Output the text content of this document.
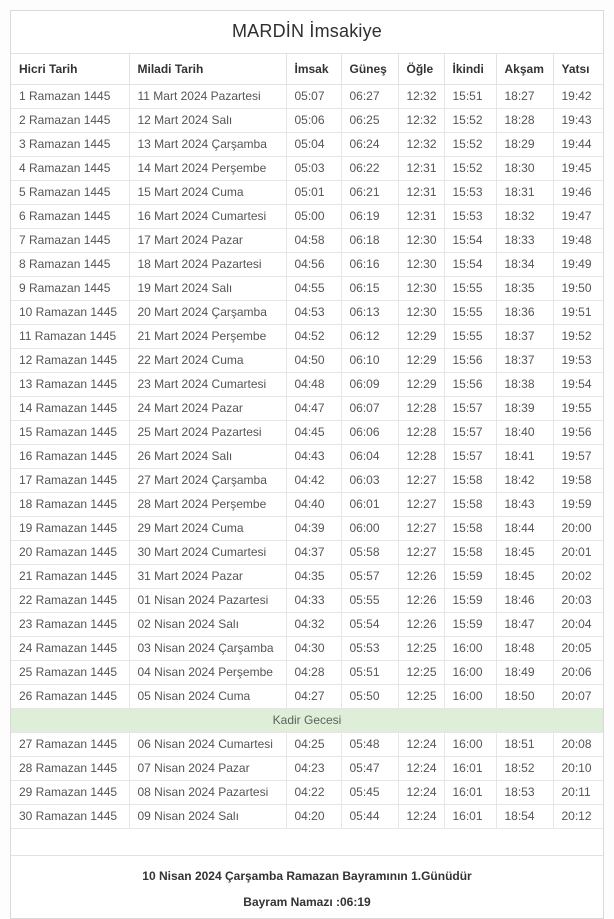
MARDİN İmsakiye
Hicri Tarih	Miladi Tarih	İmsak	Güneş	Öğle	İkindi	Akşam	Yatsı
1 Ramazan 1445	11 Mart 2024 Pazartesi	05:07	06:27	12:32	15:51	18:27	19:42
2 Ramazan 1445	12 Mart 2024 Salı	05:06	06:25	12:32	15:52	18:28	19:43
3 Ramazan 1445	13 Mart 2024 Çarşamba	05:04	06:24	12:32	15:52	18:29	19:44
4 Ramazan 1445	14 Mart 2024 Perşembe	05:03	06:22	12:31	15:52	18:30	19:45
5 Ramazan 1445	15 Mart 2024 Cuma	05:01	06:21	12:31	15:53	18:31	19:46
6 Ramazan 1445	16 Mart 2024 Cumartesi	05:00	06:19	12:31	15:53	18:32	19:47
7 Ramazan 1445	17 Mart 2024 Pazar	04:58	06:18	12:30	15:54	18:33	19:48
8 Ramazan 1445	18 Mart 2024 Pazartesi	04:56	06:16	12:30	15:54	18:34	19:49
9 Ramazan 1445	19 Mart 2024 Salı	04:55	06:15	12:30	15:55	18:35	19:50
10 Ramazan 1445	20 Mart 2024 Çarşamba	04:53	06:13	12:30	15:55	18:36	19:51
11 Ramazan 1445	21 Mart 2024 Perşembe	04:52	06:12	12:29	15:55	18:37	19:52
12 Ramazan 1445	22 Mart 2024 Cuma	04:50	06:10	12:29	15:56	18:37	19:53
13 Ramazan 1445	23 Mart 2024 Cumartesi	04:48	06:09	12:29	15:56	18:38	19:54
14 Ramazan 1445	24 Mart 2024 Pazar	04:47	06:07	12:28	15:57	18:39	19:55
15 Ramazan 1445	25 Mart 2024 Pazartesi	04:45	06:06	12:28	15:57	18:40	19:56
16 Ramazan 1445	26 Mart 2024 Salı	04:43	06:04	12:28	15:57	18:41	19:57
17 Ramazan 1445	27 Mart 2024 Çarşamba	04:42	06:03	12:27	15:58	18:42	19:58
18 Ramazan 1445	28 Mart 2024 Perşembe	04:40	06:01	12:27	15:58	18:43	19:59
19 Ramazan 1445	29 Mart 2024 Cuma	04:39	06:00	12:27	15:58	18:44	20:00
20 Ramazan 1445	30 Mart 2024 Cumartesi	04:37	05:58	12:27	15:58	18:45	20:01
21 Ramazan 1445	31 Mart 2024 Pazar	04:35	05:57	12:26	15:59	18:45	20:02
22 Ramazan 1445	01 Nisan 2024 Pazartesi	04:33	05:55	12:26	15:59	18:46	20:03
23 Ramazan 1445	02 Nisan 2024 Salı	04:32	05:54	12:26	15:59	18:47	20:04
24 Ramazan 1445	03 Nisan 2024 Çarşamba	04:30	05:53	12:25	16:00	18:48	20:05
25 Ramazan 1445	04 Nisan 2024 Perşembe	04:28	05:51	12:25	16:00	18:49	20:06
26 Ramazan 1445	05 Nisan 2024 Cuma	04:27	05:50	12:25	16:00	18:50	20:07
Kadir Gecesi							
27 Ramazan 1445	06 Nisan 2024 Cumartesi	04:25	05:48	12:24	16:00	18:51	20:08
28 Ramazan 1445	07 Nisan 2024 Pazar	04:23	05:47	12:24	16:01	18:52	20:10
29 Ramazan 1445	08 Nisan 2024 Pazartesi	04:22	05:45	12:24	16:01	18:53	20:11
30 Ramazan 1445	09 Nisan 2024 Salı	04:20	05:44	12:24	16:01	18:54	20:12

10 Nisan 2024 Çarşamba Ramazan Bayramının 1.Günüdür

Bayram Namazı :06:19
